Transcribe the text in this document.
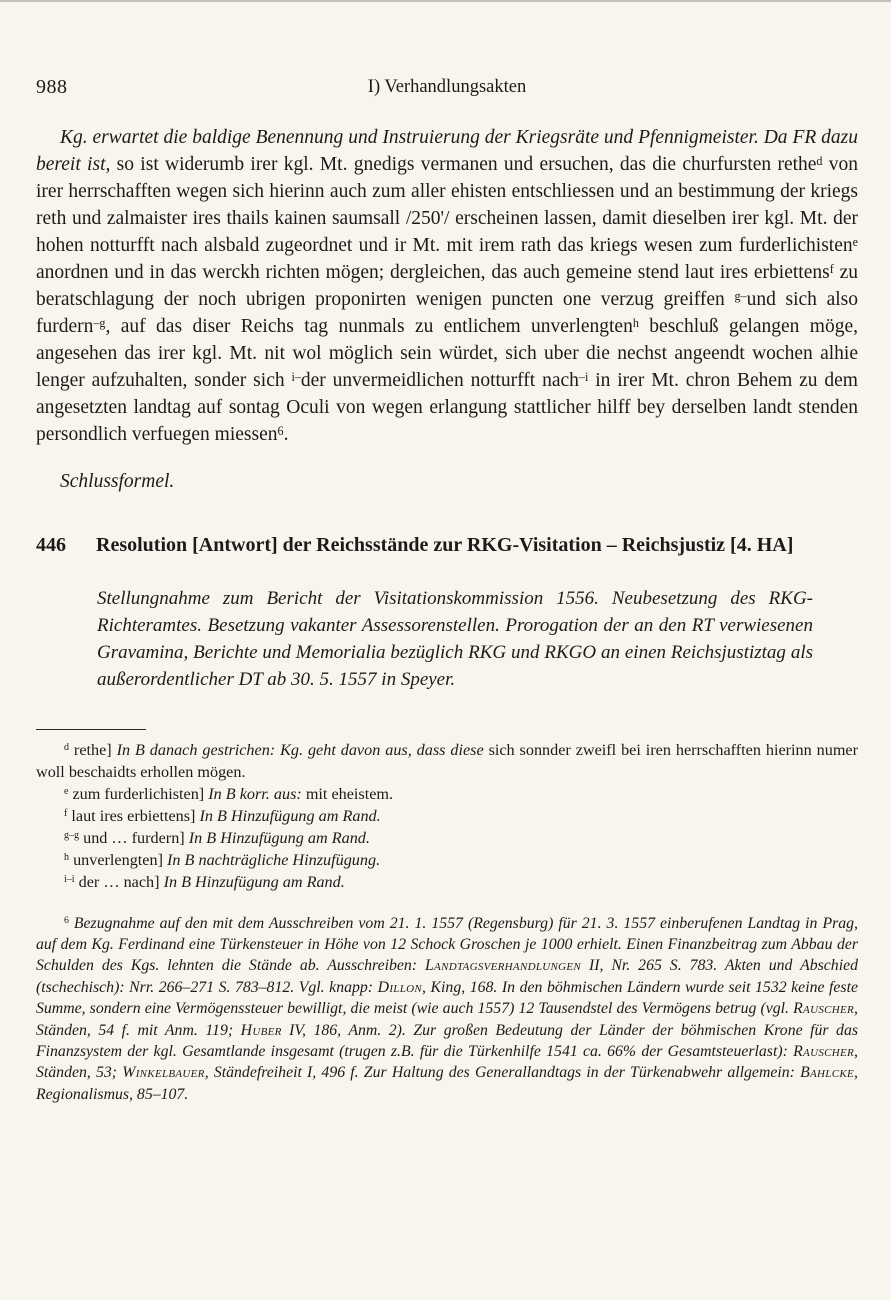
988	I) Verhandlungsakten

Kg. erwartet die baldige Benennung und Instruierung der Kriegsräte und Pfennigmeister. Da FR dazu bereit ist, so ist widerumb irer kgl. Mt. gnedigs vermanen und ersuchen, das die churfursten rethe$^d$ von irer herrschafften wegen sich hierinn auch zum aller ehisten entschliessen und an bestimmung der kriegs reth und zalmaister ires thails kainen saumsall /250'/ erscheinen lassen, damit dieselben irer kgl. Mt. der hohen notturfft nach alsbald zugeordnet und ir Mt. mit irem rath das kriegs wesen zum furderlichisten$^e$ anordnen und in das werckh richten mögen; dergleichen, das auch gemeine stend laut ires erbiettens$^f$ zu beratschlagung der noch ubrigen proponirten wenigen puncten one verzug greiffen $^{g-}$und sich also furdern$^{-g}$, auf das diser Reichs tag nunmals zu entlichem unverlengten$^h$ beschluß gelangen möge, angesehen das irer kgl. Mt. nit wol möglich sein würdet, sich uber die nechst angeendt wochen alhie lenger aufzuhalten, sonder sich $^{i-}$der unvermeidlichen notturfft nach$^{-i}$ in irer Mt. chron Behem zu dem angesetzten landtag auf sontag Oculi von wegen erlangung stattlicher hilff bey derselben landt stenden persondlich verfuegen miessen$^6$.

Schlussformel.

446	Resolution [Antwort] der Reichsstände zur RKG-Visitation – Reichsjustiz [4. HA]

Stellungnahme zum Bericht der Visitationskommission 1556. Neubesetzung des RKG-Richteramtes. Besetzung vakanter Assessorenstellen. Prorogation der an den RT verwiesenen Gravamina, Berichte und Memorialia bezüglich RKG und RKGO an einen Reichsjustiztag als außerordentlicher DT ab 30. 5. 1557 in Speyer.

$^d$ rethe] In B danach gestrichen: Kg. geht davon aus, dass diese sich sonnder zweifl bei iren herrschafften hierinn numer woll beschaidts erhollen mögen.

$^e$ zum furderlichisten] In B korr. aus: mit eheistem.

$^f$ laut ires erbiettens] In B Hinzufügung am Rand.

$^{g-g}$ und … furdern] In B Hinzufügung am Rand.

$^h$ unverlengten] In B nachträgliche Hinzufügung.

$^{i-i}$ der … nach] In B Hinzufügung am Rand.

$^6$ Bezugnahme auf den mit dem Ausschreiben vom 21. 1. 1557 (Regensburg) für 21. 3. 1557 einberufenen Landtag in Prag, auf dem Kg. Ferdinand eine Türkensteuer in Höhe von 12 Schock Groschen je 1000 erhielt. Einen Finanzbeitrag zum Abbau der Schulden des Kgs. lehnten die Stände ab. Ausschreiben: Landtagsverhandlungen II, Nr. 265 S. 783. Akten und Abschied (tschechisch): Nrr. 266–271 S. 783–812. Vgl. knapp: Dillon, King, 168. In den böhmischen Ländern wurde seit 1532 keine feste Summe, sondern eine Vermögenssteuer bewilligt, die meist (wie auch 1557) 12 Tausendstel des Vermögens betrug (vgl. Rauscher, Ständen, 54 f. mit Anm. 119; Huber IV, 186, Anm. 2). Zur großen Bedeutung der Länder der böhmischen Krone für das Finanzsystem der kgl. Gesamtlande insgesamt (trugen z.B. für die Türkenhilfe 1541 ca. 66% der Gesamtsteuerlast): Rauscher, Ständen, 53; Winkelbauer, Ständefreiheit I, 496 f. Zur Haltung des Generallandtags in der Türkenabwehr allgemein: Bahlcke, Regionalismus, 85–107.
